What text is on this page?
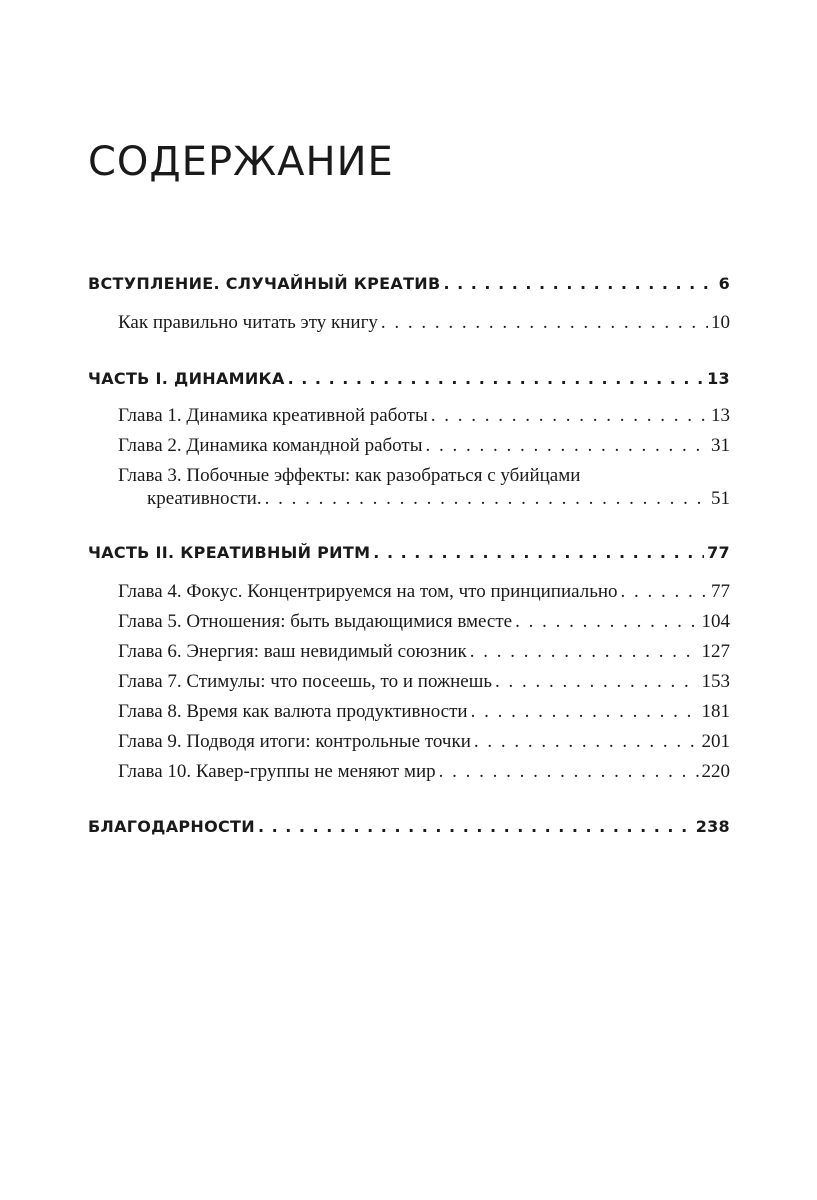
СОДЕРЖАНИЕ
ВСТУПЛЕНИЕ. СЛУЧАЙНЫЙ КРЕАТИВ . . .	6
Как правильно читать эту книгу . . .	10
ЧАСТЬ I. ДИНАМИКА . . .	13
Глава 1. Динамика креативной работы . . .	13
Глава 2. Динамика командной работы . . .	31
Глава 3. Побочные эффекты: как разобраться с убийцами
креативности. . . .	51
ЧАСТЬ II. КРЕАТИВНЫЙ РИТМ . . .	77
Глава 4. Фокус. Концентрируемся на том, что принципиально . . .	77
Глава 5. Отношения: быть выдающимися вместе . . .	104
Глава 6. Энергия: ваш невидимый союзник . . .	127
Глава 7. Стимулы: что посеешь, то и пожнешь . . .	153
Глава 8. Время как валюта продуктивности . . .	181
Глава 9. Подводя итоги: контрольные точки . . .	201
Глава 10. Кавер-группы не меняют мир . . .	220
БЛАГОДАРНОСТИ . . .	238
